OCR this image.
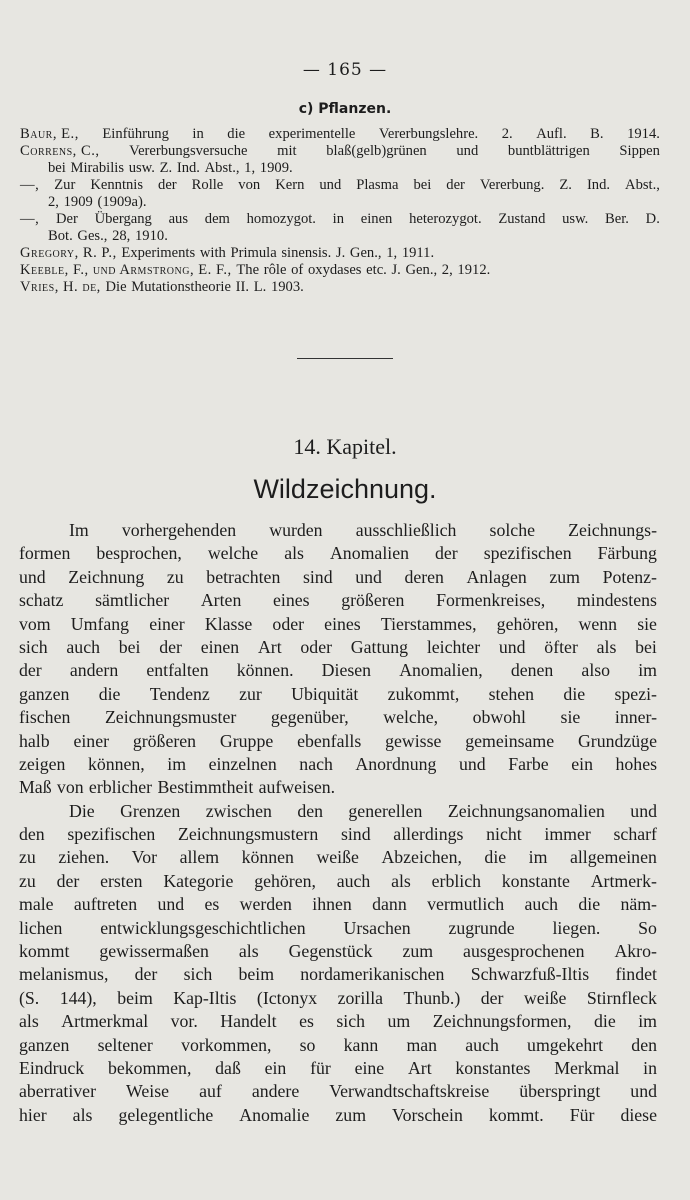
— 165 —
c) Pflanzen.
Baur, E., Einführung in die experimentelle Vererbungslehre. 2. Aufl. B. 1914.
Correns, C., Vererbungsversuche mit blaß(gelb)grünen und buntblättrigen Sippen
bei Mirabilis usw. Z. Ind. Abst., 1, 1909.
—, Zur Kenntnis der Rolle von Kern und Plasma bei der Vererbung. Z. Ind. Abst.,
2, 1909 (1909a).
—, Der Übergang aus dem homozygot. in einen heterozygot. Zustand usw. Ber. D.
Bot. Ges., 28, 1910.
Gregory, R. P., Experiments with Primula sinensis. J. Gen., 1, 1911.
Keeble, F., und Armstrong, E. F., The rôle of oxydases etc. J. Gen., 2, 1912.
Vries, H. de, Die Mutationstheorie II. L. 1903.
14. Kapitel.
Wildzeichnung.
Im vorhergehenden wurden ausschließlich solche Zeichnungs-
formen besprochen, welche als Anomalien der spezifischen Färbung
und Zeichnung zu betrachten sind und deren Anlagen zum Potenz-
schatz sämtlicher Arten eines größeren Formenkreises, mindestens
vom Umfang einer Klasse oder eines Tierstammes, gehören, wenn sie
sich auch bei der einen Art oder Gattung leichter und öfter als bei
der andern entfalten können. Diesen Anomalien, denen also im
ganzen die Tendenz zur Ubiquität zukommt, stehen die spezi-
fischen Zeichnungsmuster gegenüber, welche, obwohl sie inner-
halb einer größeren Gruppe ebenfalls gewisse gemeinsame Grundzüge
zeigen können, im einzelnen nach Anordnung und Farbe ein hohes
Maß von erblicher Bestimmtheit aufweisen.
Die Grenzen zwischen den generellen Zeichnungsanomalien und
den spezifischen Zeichnungsmustern sind allerdings nicht immer scharf
zu ziehen. Vor allem können weiße Abzeichen, die im allgemeinen
zu der ersten Kategorie gehören, auch als erblich konstante Artmerk-
male auftreten und es werden ihnen dann vermutlich auch die näm-
lichen entwicklungsgeschichtlichen Ursachen zugrunde liegen. So
kommt gewissermaßen als Gegenstück zum ausgesprochenen Akro-
melanismus, der sich beim nordamerikanischen Schwarzfuß-Iltis findet
(S. 144), beim Kap-Iltis (Ictonyx zorilla Thunb.) der weiße Stirnfleck
als Artmerkmal vor. Handelt es sich um Zeichnungsformen, die im
ganzen seltener vorkommen, so kann man auch umgekehrt den
Eindruck bekommen, daß ein für eine Art konstantes Merkmal in
aberrativer Weise auf andere Verwandtschaftskreise überspringt und
hier als gelegentliche Anomalie zum Vorschein kommt. Für diese
